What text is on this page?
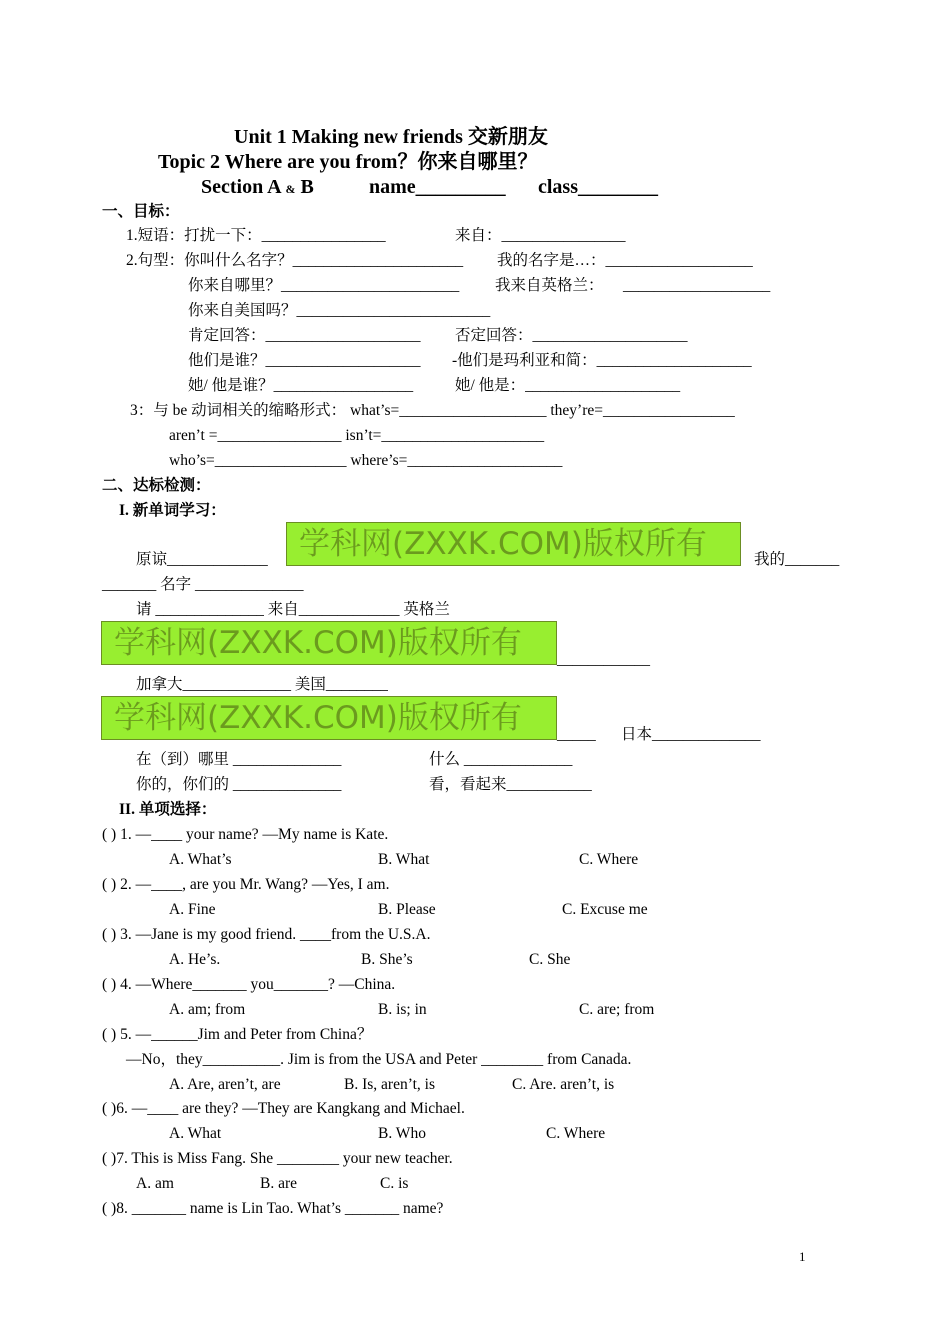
Unit 1 Making new friends 交新朋友
Topic 2 Where are you from？你来自哪里？
Section A & B	name_________ class________
一、目标：
1.短语：打扰一下：________________	来自：________________
2.句型：你叫什么名字？______________________ 我的名字是…：___________________
你来自哪里？_______________________ 我来自英格兰： ___________________
你来自美国吗？_________________________
肯定回答：____________________ 否定回答：____________________
他们是谁？____________________ -他们是玛利亚和简：____________________
她/ 他是谁？__________________	她/ 他是：____________________
3：与 be 动词相关的缩略形式： what’s=___________________ they’re=_________________
aren’t =________________ isn’t=_____________________
who’s=_________________ where’s=____________________
二、达标检测：
I. 新单词学习：
原谅_____________	学科网(ZXXK.COM)版权所有	我的_______
_______ 名字 ______________
请 ______________ 来自_____________ 英格兰
学科网(ZXXK.COM)版权所有	____________
加拿大______________ 美国________
学科网(ZXXK.COM)版权所有	_____ 日本______________
在（到）哪里 ______________	什么 ______________
你的，你们的 ______________	看，看起来___________
II. 单项选择：
( ) 1. —____ your name? —My name is Kate.
A. What’s	B. What	C. Where
( ) 2. —____, are you Mr. Wang? —Yes, I am.
A. Fine	B. Please	C. Excuse me
( ) 3. —Jane is my good friend. ____from the U.S.A.
A. He’s.	B. She’s	C. She
( ) 4. —Where_______ you_______? —China.
A. am; from	B. is; in	C. are; from
( ) 5. —______Jim and Peter from China？
—No，they__________. Jim is from the USA and Peter ________ from Canada.
A. Are, aren’t, are	B. Is, aren’t, is	C. Are. aren’t, is
( )6. —____ are they? —They are Kangkang and Michael.
A. What	B. Who	C. Where
( )7. This is Miss Fang. She ________ your new teacher.
A. am	B. are	C. is
( )8. _______ name is Lin Tao. What’s _______ name?
1
